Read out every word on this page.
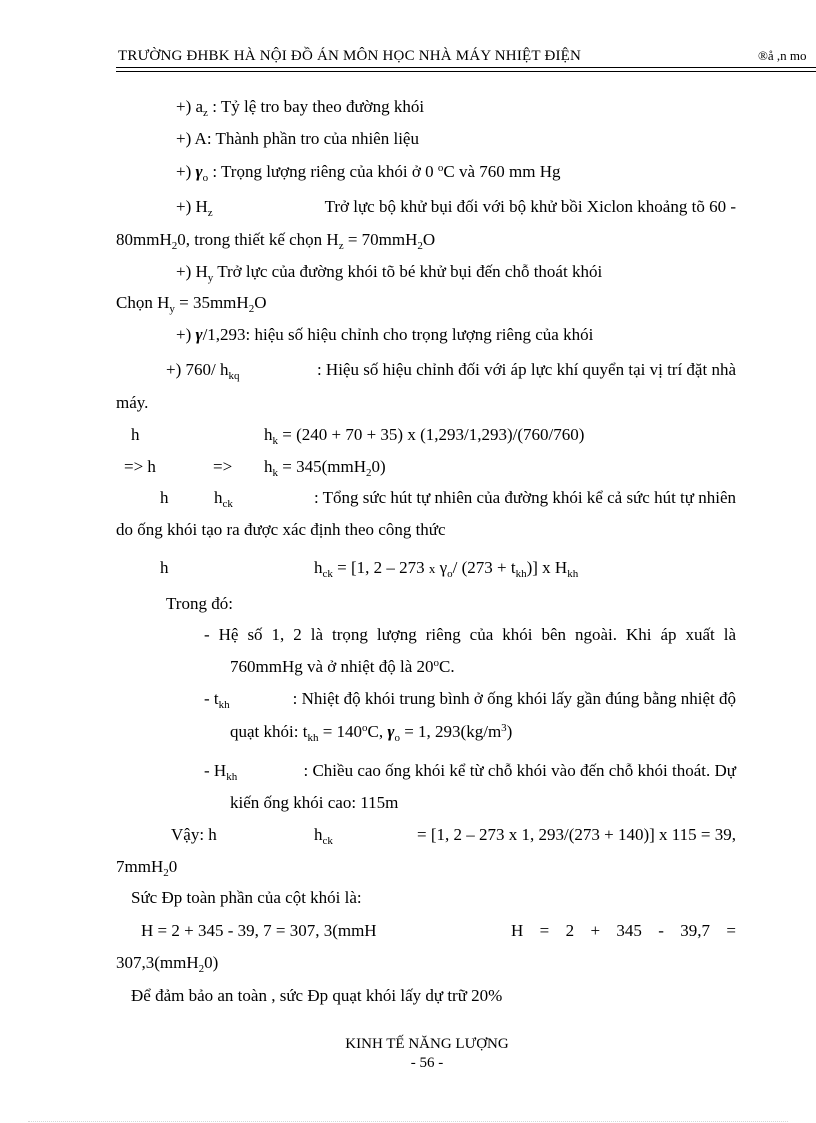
TRƯỜNG ĐHBK HÀ NỘI ĐỒ ÁN MÔN HỌC NHÀ MÁY NHIỆT ĐIỆN	®å ,n mo
+) $a_z$ : Tỷ lệ tro bay theo đường khói
+) A: Thành phần tro của nhiên liệu
+) $\gamma_o$ : Trọng lượng riêng của khói ở 0 $^o$C và 760 mm Hg
+) $H_z$	Trở lực bộ khử bụi đối với bộ khử bồi Xiclon khoảng tõ 60 -
80mmH$_2$0, trong thiết kế chọn $H_z = 70mmH_2O$
+) $H_y$ Trở lực của đường khói tõ bé khử bụi đến chỗ thoát khói
Chọn $H_y = 35mmH_2O$
+) γ/1,293: hiệu số hiệu chỉnh cho trọng lượng riêng của khói
+) 760/ $h_{kq}$	: Hiệu số hiệu chỉnh đối với áp lực khí quyển tại vị trí đặt nhà
máy.
h	$h_k = (240 + 70 + 35)$ x (1,293/1,293)/(760/760)
=> h	=> $h_k = 345(mmH_20)$
h	$h_{ck}$	: Tổng sức hút tự nhiên của đường khói kể cả sức hút tự nhiên
do ống khói tạo ra được xác định theo công thức
h	$h_{ck} = [1$, 2 – 273 x $\gamma_o/$ $(273 + t_{kh})$] x $H_{kh}$
Trong đó:
- Hệ số 1, 2 là trọng lượng riêng của khói bên ngoài. Khi áp xuất là
760mmHg và ở nhiệt độ là 20$^o$C.
- $t_{kh}$	: Nhiệt độ khói trung bình ở ống khói lấy gần đúng bằng nhiệt độ
quạt khói: $t_{kh} = 140^oC$, $\gamma_o = 1$, $293(kg/m^3)$
- $H_{kh}$	: Chiều cao ống khói kể từ chỗ khói vào đến chỗ khói thoát. Dự
kiến ống khói cao: 115m
Vậy: h	$h_{ck}$	= [1, 2 – 273 x 1, 293/(273 + 140)] x 115 = 39,
7mmH$_2$0
Sức Đp toàn phần của cột khói là:
H = 2 + 345 - 39, 7 = 307, 3(mmH	H = 2 + 345 - 39,7 =
307,3(mmH$_2$0)
Để đảm bảo an toàn , sức Đp quạt khói lấy dự trữ 20%
KINH TẾ NĂNG LƯỢNG
- 56 -
